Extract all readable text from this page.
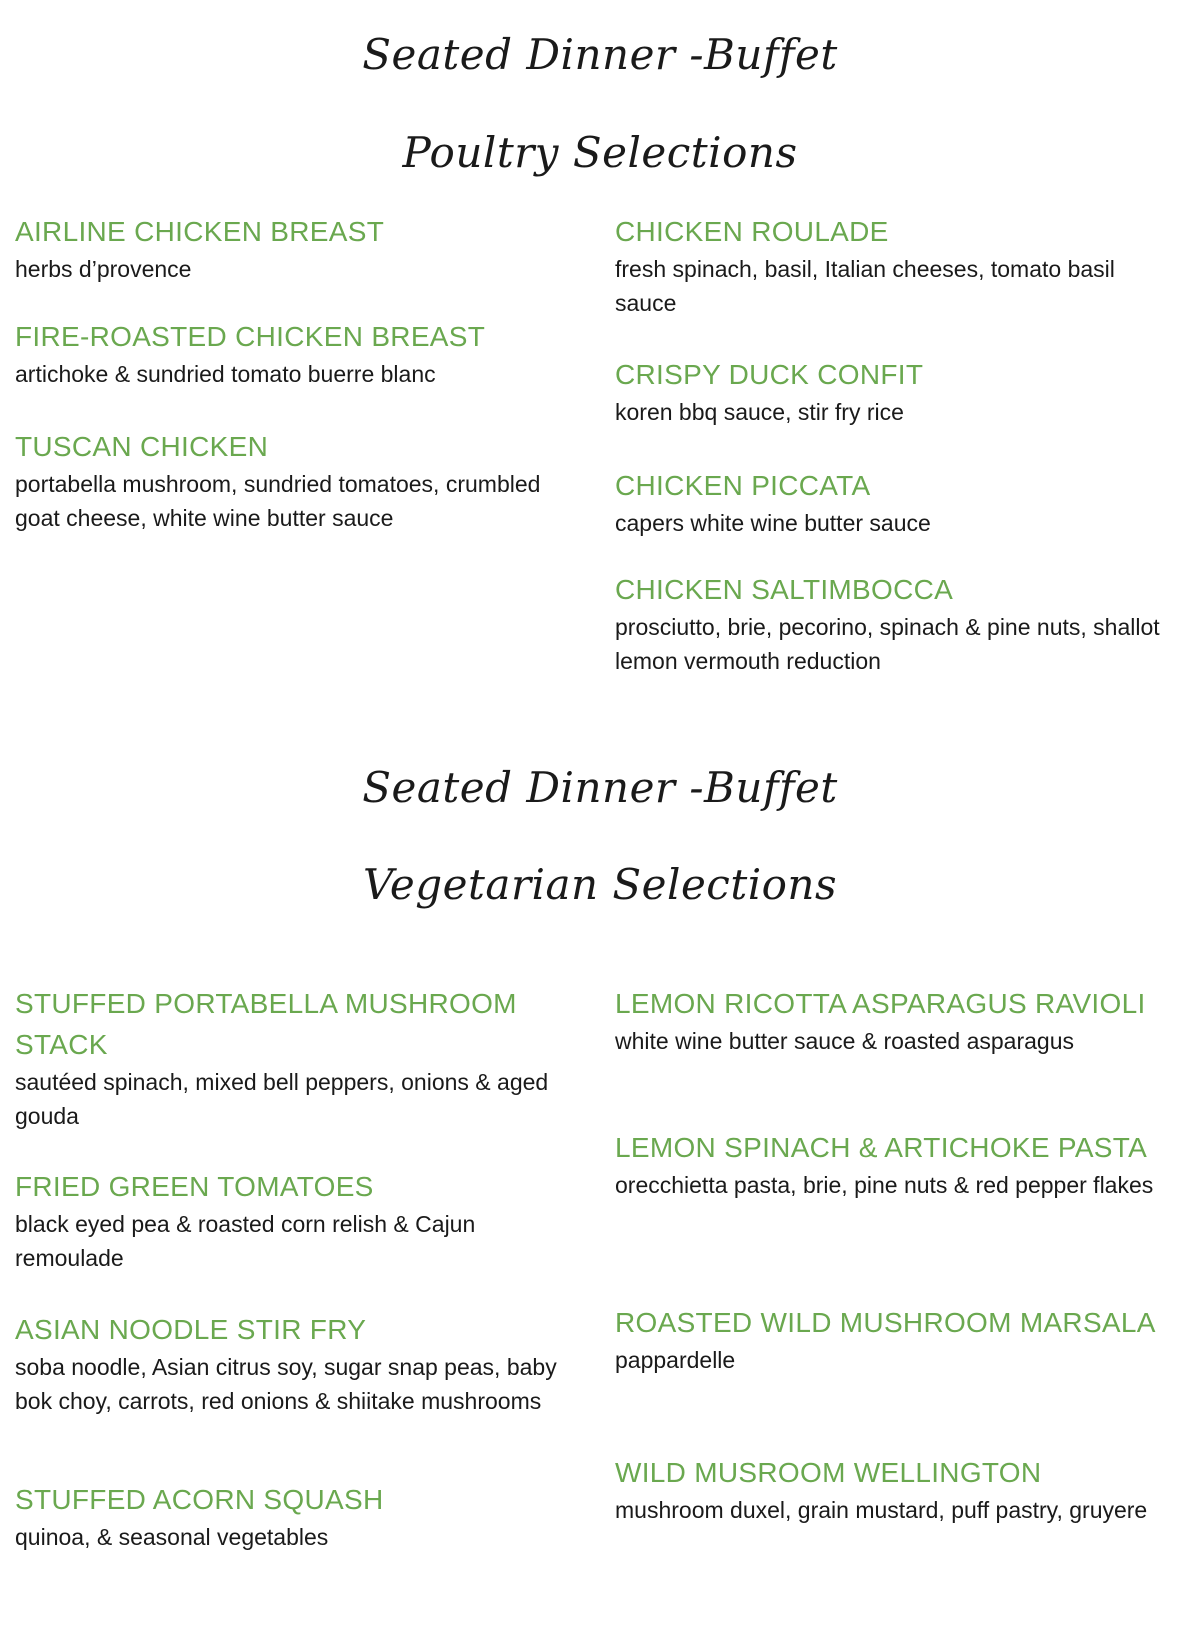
Seated Dinner -Buffet
Poultry Selections
AIRLINE CHICKEN BREAST
herbs d’provence
FIRE-ROASTED CHICKEN BREAST
artichoke & sundried tomato buerre blanc
TUSCAN CHICKEN
portabella mushroom, sundried tomatoes, crumbled goat cheese, white wine butter sauce
CHICKEN ROULADE
fresh spinach, basil, Italian cheeses, tomato basil sauce
CRISPY DUCK CONFIT
koren bbq sauce, stir fry rice
CHICKEN PICCATA
capers white wine butter sauce
CHICKEN SALTIMBOCCA
prosciutto, brie, pecorino, spinach & pine nuts, shallot lemon vermouth reduction
Seated Dinner -Buffet
Vegetarian Selections
STUFFED PORTABELLA MUSHROOM STACK
sautéed spinach, mixed bell peppers, onions & aged gouda
FRIED GREEN TOMATOES
black eyed pea & roasted corn relish & Cajun remoulade
ASIAN NOODLE STIR FRY
soba noodle, Asian citrus soy, sugar snap peas, baby bok choy, carrots, red onions & shiitake mushrooms
STUFFED ACORN SQUASH
quinoa, & seasonal vegetables
LEMON RICOTTA ASPARAGUS RAVIOLI
white wine butter sauce & roasted asparagus
LEMON SPINACH & ARTICHOKE PASTA
orecchietta pasta, brie, pine nuts & red pepper flakes
ROASTED WILD MUSHROOM MARSALA
pappardelle
WILD MUSROOM WELLINGTON
mushroom duxel, grain mustard, puff pastry, gruyere
